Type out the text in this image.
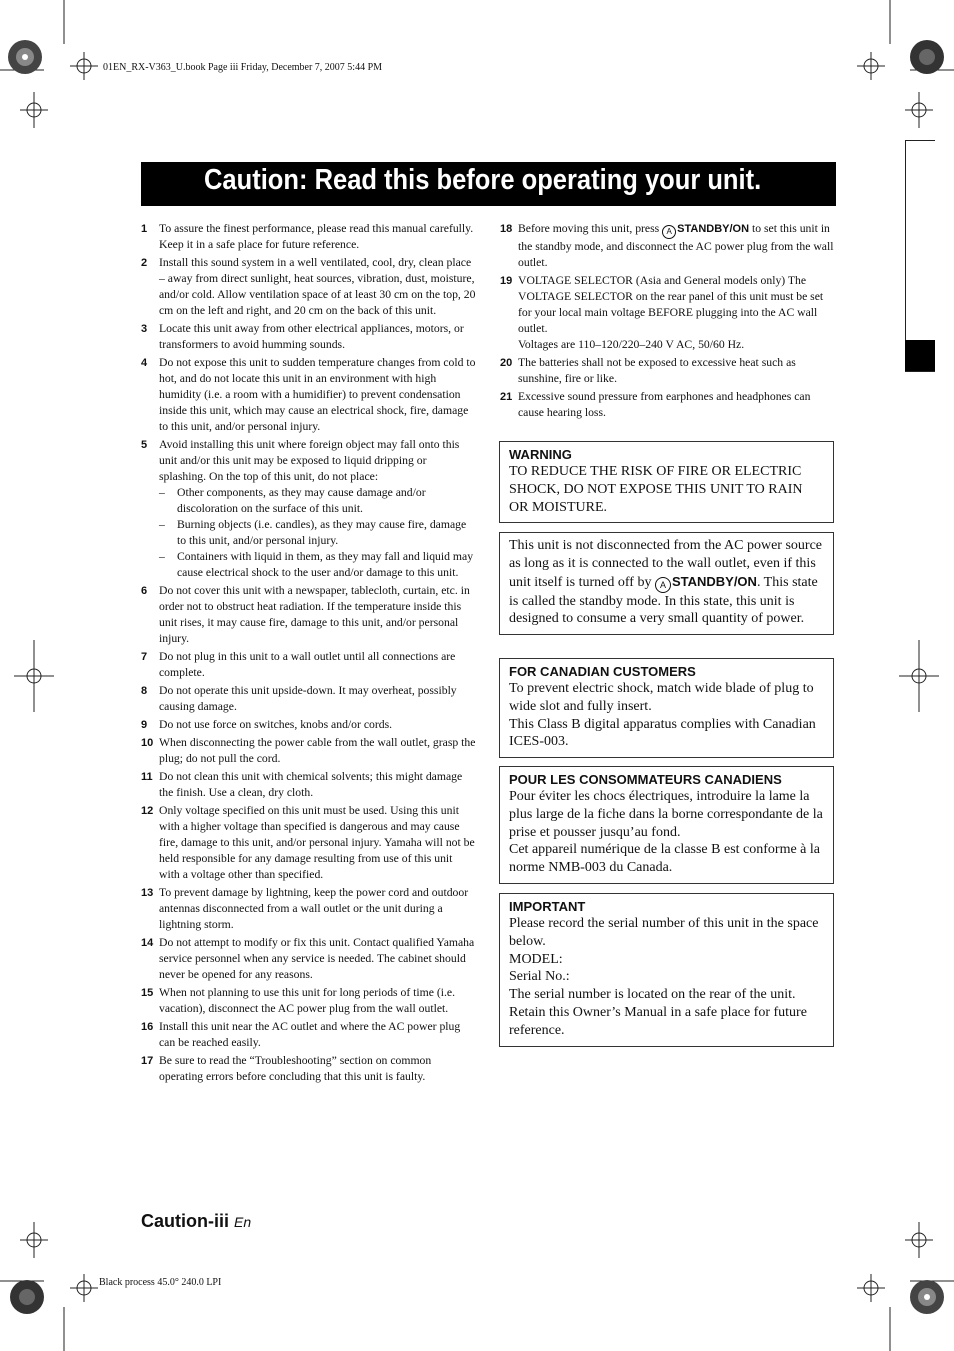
01EN_RX-V363_U.book Page iii Friday, December 7, 2007 5:44 PM
Black process 45.0° 240.0 LPI
Caution: Read this before operating your unit.
1 To assure the finest performance, please read this manual carefully. Keep it in a safe place for future reference.
2 Install this sound system in a well ventilated, cool, dry, clean place – away from direct sunlight, heat sources, vibration, dust, moisture, and/or cold. Allow ventilation space of at least 30 cm on the top, 20 cm on the left and right, and 20 cm on the back of this unit.
3 Locate this unit away from other electrical appliances, motors, or transformers to avoid humming sounds.
4 Do not expose this unit to sudden temperature changes from cold to hot, and do not locate this unit in an environment with high humidity (i.e. a room with a humidifier) to prevent condensation inside this unit, which may cause an electrical shock, fire, damage to this unit, and/or personal injury.
5 Avoid installing this unit where foreign object may fall onto this unit and/or this unit may be exposed to liquid dripping or splashing. On the top of this unit, do not place:
– Other components, as they may cause damage and/or discoloration on the surface of this unit.
– Burning objects (i.e. candles), as they may cause fire, damage to this unit, and/or personal injury.
– Containers with liquid in them, as they may fall and liquid may cause electrical shock to the user and/or damage to this unit.
6 Do not cover this unit with a newspaper, tablecloth, curtain, etc. in order not to obstruct heat radiation. If the temperature inside this unit rises, it may cause fire, damage to this unit, and/or personal injury.
7 Do not plug in this unit to a wall outlet until all connections are complete.
8 Do not operate this unit upside-down. It may overheat, possibly causing damage.
9 Do not use force on switches, knobs and/or cords.
10 When disconnecting the power cable from the wall outlet, grasp the plug; do not pull the cord.
11 Do not clean this unit with chemical solvents; this might damage the finish. Use a clean, dry cloth.
12 Only voltage specified on this unit must be used. Using this unit with a higher voltage than specified is dangerous and may cause fire, damage to this unit, and/or personal injury. Yamaha will not be held responsible for any damage resulting from use of this unit with a voltage other than specified.
13 To prevent damage by lightning, keep the power cord and outdoor antennas disconnected from a wall outlet or the unit during a lightning storm.
14 Do not attempt to modify or fix this unit. Contact qualified Yamaha service personnel when any service is needed. The cabinet should never be opened for any reasons.
15 When not planning to use this unit for long periods of time (i.e. vacation), disconnect the AC power plug from the wall outlet.
16 Install this unit near the AC outlet and where the AC power plug can be reached easily.
17 Be sure to read the “Troubleshooting” section on common operating errors before concluding that this unit is faulty.
18 Before moving this unit, press A STANDBY/ON to set this unit in the standby mode, and disconnect the AC power plug from the wall outlet.
19 VOLTAGE SELECTOR (Asia and General models only) The VOLTAGE SELECTOR on the rear panel of this unit must be set for your local main voltage BEFORE plugging into the AC wall outlet.
Voltages are 110–120/220–240 V AC, 50/60 Hz.
20 The batteries shall not be exposed to excessive heat such as sunshine, fire or like.
21 Excessive sound pressure from earphones and headphones can cause hearing loss.
WARNING
TO REDUCE THE RISK OF FIRE OR ELECTRIC SHOCK, DO NOT EXPOSE THIS UNIT TO RAIN OR MOISTURE.
This unit is not disconnected from the AC power source as long as it is connected to the wall outlet, even if this unit itself is turned off by A STANDBY/ON. This state is called the standby mode. In this state, this unit is designed to consume a very small quantity of power.
FOR CANADIAN CUSTOMERS
To prevent electric shock, match wide blade of plug to wide slot and fully insert.
This Class B digital apparatus complies with Canadian ICES-003.
POUR LES CONSOMMATEURS CANADIENS
Pour éviter les chocs électriques, introduire la lame la plus large de la fiche dans la borne correspondante de la prise et pousser jusqu’au fond.
Cet appareil numérique de la classe B est conforme à la norme NMB-003 du Canada.
IMPORTANT
Please record the serial number of this unit in the space below.
MODEL:
Serial No.:
The serial number is located on the rear of the unit. Retain this Owner’s Manual in a safe place for future reference.
Caution-iii En
